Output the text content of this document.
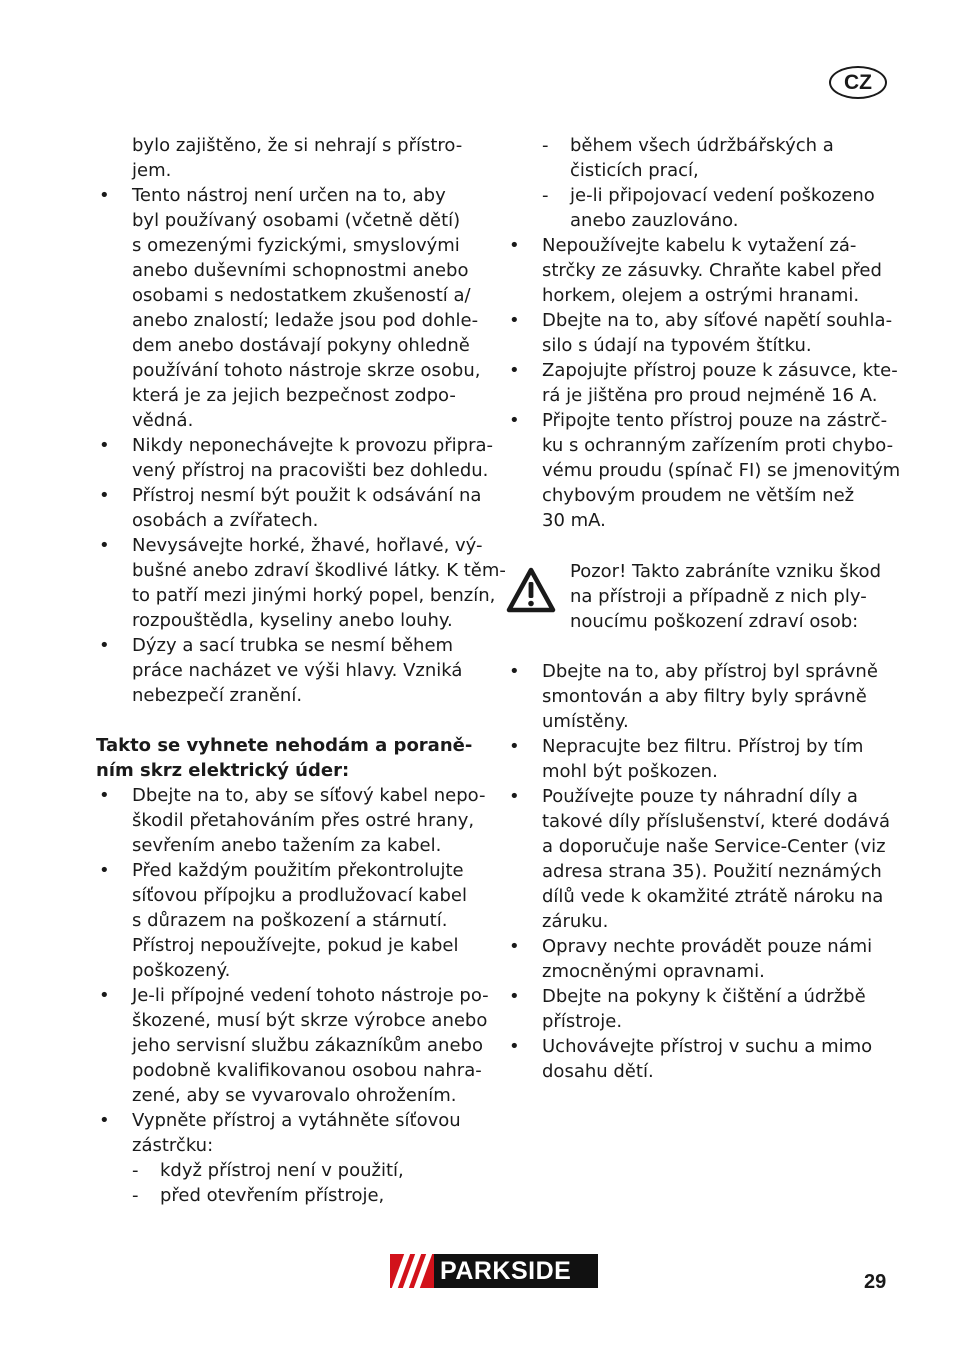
CZ
bylo zajištěno, že si nehrají s přístro-
jem.
•	Tento nástroj není určen na to, aby
byl používaný osobami (včetně dětí)
s omezenými fyzickými, smyslovými
anebo duševními schopnostmi anebo
osobami s nedostatkem zkušeností a/
anebo znalostí; ledaže jsou pod dohle-
dem anebo dostávají pokyny ohledně
používání tohoto nástroje skrze osobu,
která je za jejich bezpečnost zodpo-
vědná.
•	Nikdy neponechávejte k provozu připra-
vený přístroj na pracovišti bez dohledu.
•	Přístroj nesmí být použit k odsávání na
osobách a zvířatech.
•	Nevysávejte horké, žhavé, hořlavé, vý-
bušné anebo zdraví škodlivé látky. K těm-
to patří mezi jinými horký popel, benzín,
rozpouštědla, kyseliny anebo louhy.
•	Dýzy a sací trubka se nesmí během
práce nacházet ve výši hlavy. Vzniká
nebezpečí zranění.
Takto se vyhnete nehodám a poraně-
ním skrz elektrický úder:
•	Dbejte na to, aby se síťový kabel nepo-
škodil přetahováním přes ostré hrany,
sevřením anebo tažením za kabel.
•	Před každým použitím překontrolujte
síťovou přípojku a prodlužovací kabel
s důrazem na poškození a stárnutí.
Přístroj nepoužívejte, pokud je kabel
poškozený.
•	Je-li přípojné vedení tohoto nástroje po-
škozené, musí být skrze výrobce anebo
jeho servisní službu zákazníkům anebo
podobně kvalifikovanou osobou nahra-
zené, aby se vyvarovalo ohrožením.
•	Vypněte přístroj a vytáhněte síťovou
zástrčku:
-	když přístroj není v použití,
-	před otevřením přístroje,
-	během všech údržbářských a
čisticích prací,
-	je-li připojovací vedení poškozeno
anebo zauzlováno.
•	Nepoužívejte kabelu k vytažení zá-
strčky ze zásuvky. Chraňte kabel před
horkem, olejem a ostrými hranami.
•	Dbejte na to, aby síťové napětí souhla-
silo s údají na typovém štítku.
•	Zapojujte přístroj pouze k zásuvce, kte-
rá je jištěna pro proud nejméně 16 A.
•	Připojte tento přístroj pouze na zástrč-
ku s ochranným zařízením proti chybo-
vému proudu (spínač FI) se jmenovitým
chybovým proudem ne větším než
30 mA.
Pozor! Takto zabráníte vzniku škod
na přístroji a případně z nich ply-
noucímu poškození zdraví osob:
•	Dbejte na to, aby přístroj byl správně
smontován a aby filtry byly správně
umístěny.
•	Nepracujte bez filtru. Přístroj by tím
mohl být poškozen.
•	Používejte pouze ty náhradní díly a
takové díly příslušenství, které dodává
a doporučuje naše Service-Center (viz
adresa strana 35). Použití neznámých
dílů vede k okamžité ztrátě nároku na
záruku.
•	Opravy nechte provádět pouze námi
zmocněnými opravnami.
•	Dbejte na pokyny k čištění a údržbě
přístroje.
•	Uchovávejte přístroj v suchu a mimo
dosahu dětí.
PARKSIDE	29
